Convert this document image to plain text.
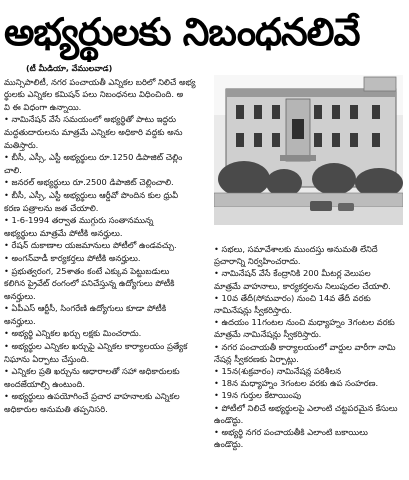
అభ్యర్థులకు నిబంధనలివే

(టీ మీడియా, వేములవాడ)

మున్సిపాలిటీ, నగర పంచాయతీ ఎన్నికల బరిలో నిలిచే అభ్య

ర్థులకు ఎన్నికల కమిషన్ పలు నిబంధనలు విధించింది. అ

వి ఈ విధంగా ఉన్నాయి.

• నామినేషన్ వేసే సమయంలో అభ్యర్థితో పాటు ఇద్దరు

మద్దతుదారులను మాత్రమే ఎన్నికల అధికారి వద్దకు అను

మతిస్తారు.

• బీసీ, ఎస్సీ, ఎస్టీ అభ్యర్థులు రూ.1250 డిపాజిట్ చెల్లిం

చాలి.

• జనరల్ అభ్యర్థులు రూ.2500 డిపాజిట్ చెల్లించాలి.

• బీసీ, ఎస్సీ, ఎస్టీ అభ్యర్థులు ఆర్డీవో పొందిన కుల ధ్రువీ

కరణ పత్రాలను జత చేయాలి.

• 1-6-1994 తర్వాత ముగ్గురు సంతానమున్న

అభ్యర్థులు మాత్రమే పోటీకి అనర్హులు.

• రేషన్ దుకాణాల యజమానులు పోటీలో ఉండవచ్చు.

• అంగన్‌వాడీ కార్యకర్తలు పోటీకి అనర్హులు.

• ప్రభుత్వరంగ, 25శాతం కంటే ఎక్కువ పెట్టుబడులు

కలిగిన ప్రైవేట్ రంగంలో పనిచేస్తున్న ఉద్యోగులు పోటీకి

అనర్హులు.

• ఏపీఎస్ ఆర్టీసీ, సింగరేణి ఉద్యోగులు కూడా పోటీకి

అనర్హులు.

• అభ్యర్థి ఎన్నికల ఖర్చు లక్షకు మించరాదు.

• అభ్యర్థుల ఎన్నికల ఖర్చుపై ఎన్నికల కార్యాలయం ప్రత్యేక

నిఘాను ఏర్పాటు చేస్తుంది.

• ఎన్నికల ప్రతి ఖర్చును ఆధారాలతో సహా అధికారులకు

అందజేయాల్సి ఉంటుంది.

• అభ్యర్థులు ఉపయోగించే ప్రచార వాహనాలకు ఎన్నికల

అధికారుల అనుమతి తప్పనిసరి.

• సభలు, సమావేశాలకు ముందస్తు అనుమతి లేనిదే

ప్రచారాన్ని నిర్వహించరాదు.

• నామినేషన్ వేసే కేంద్రానికి 200 మీటర్ల వెలుపల

మాత్రమే వాహనాలు, కార్యకర్తలను నిలుపుదల చేయాలి.

• 10వ తేదీ(సోమవారం) నుంచి 14వ తేదీ వరకు

నామినేషన్లు స్వీకరిస్తారు.

• ఉదయం 11గంటల నుంచి మధ్యాహ్నం 3గంటల వరకు

మాత్రమే నామినేషన్లు స్వీకరిస్తారు.

• నగర పంచాయతీ కార్యాలయంలో వార్డుల వారీగా నామి

నేషన్ల స్వీకరణకు ఏర్పాట్లు.

• 15న(శుక్రవారం) నామినేషన్ల పరిశీలన

• 18న మధ్యాహ్నం 3గంటల వరకు ఉప సంహరణ.

• 19న గుర్తుల కేటాయింపు

• పోటీలో నిలిచే అభ్యర్థులపై ఎలాంటి చట్టపరమైన కేసులు

ఉండొద్దు.

• అభ్యర్థి నగర పంచాయతీకి ఎలాంటి బకాయిలు

ఉండొద్దు.
